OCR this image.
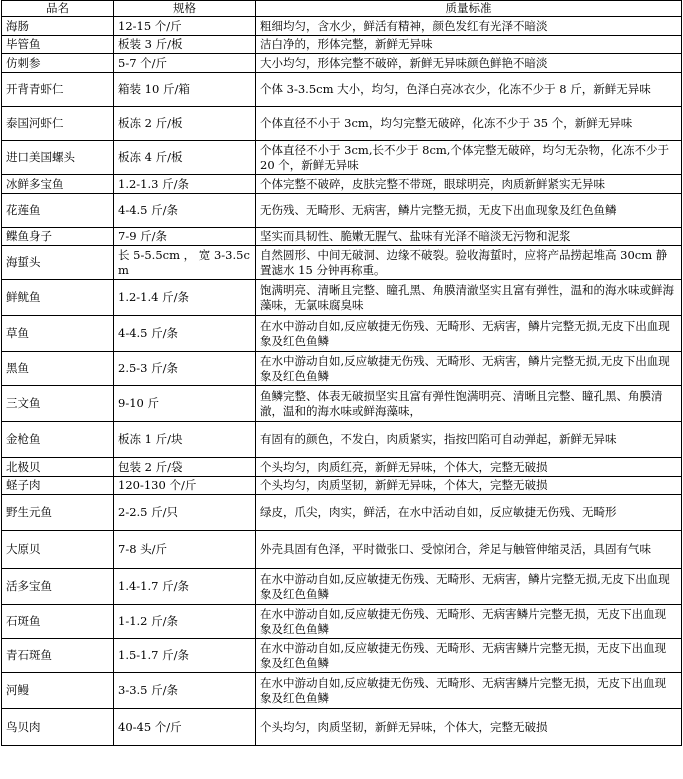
品名	规格	质量标准
海肠	12-15 个/斤	粗细均匀，含水少，鲜活有精神，颜色发红有光泽不暗淡
毕管鱼	板装 3 斤/板	洁白净的，形体完整，新鲜无异味
仿刺参	5-7 个/斤	大小均匀，形体完整不破碎，新鲜无异味颜色鲜艳不暗淡
开背青虾仁	箱装 10 斤/箱	个体 3-3.5cm 大小，均匀，色泽白亮冰衣少，化冻不少于 8 斤，新鲜无异味
泰国河虾仁	板冻 2 斤/板	个体直径不小于 3cm，均匀完整无破碎，化冻不少于 35 个，新鲜无异味
进口美国螺头	板冻 4 斤/板	个体直径不小于 3cm,长不少于 8cm,个体完整无破碎，均匀无杂物，化冻不少于 20 个，新鲜无异味
冰鲜多宝鱼	1.2-1.3 斤/条	个体完整不破碎，皮肤完整不带斑，眼球明亮，肉质新鲜紧实无异味
花莲鱼	4-4.5 斤/条	无伤残、无畸形、无病害，鳞片完整无损，无皮下出血现象及红色鱼鳞
鲽鱼身子	7-9 斤/条	坚实而具韧性、脆嫩无腥气、盐味有光泽不暗淡无污物和泥浆
海蜇头	长 5-5.5cm ， 宽 3-3.5cm	自然圆形、中间无破洞、边缘不破裂。验收海蜇时，应将产品捞起堆高 30cm 静置滤水 15 分钟再称重。
鲜鱿鱼	1.2-1.4 斤/条	饱满明亮、清晰且完整、瞳孔黑、角膜清澈坚实且富有弹性，温和的海水味或鲜海藻味，无氯味腐臭味
草鱼	4-4.5 斤/条	在水中游动自如,反应敏捷无伤残、无畸形、无病害，鳞片完整无损,无皮下出血现象及红色鱼鳞
黑鱼	2.5-3 斤/条	在水中游动自如,反应敏捷无伤残、无畸形、无病害，鳞片完整无损,无皮下出血现象及红色鱼鳞
三文鱼	9-10 斤	鱼鳞完整、体表无破损坚实且富有弹性饱满明亮、清晰且完整、瞳孔黑、角膜清澈，温和的海水味或鲜海藻味，
金枪鱼	板冻 1 斤/块	有固有的颜色，不发白，肉质紧实，指按凹陷可自动弹起，新鲜无异味
北极贝	包装 2 斤/袋	个头均匀，肉质红亮，新鲜无异味，个体大，完整无破损
蛏子肉	120-130 个/斤	个头均匀，肉质坚韧，新鲜无异味，个体大，完整无破损
野生元鱼	2-2.5 斤/只	绿皮，爪尖，肉实，鲜活，在水中活动自如，反应敏捷无伤残、无畸形
大原贝	7-8 头/斤	外壳具固有色泽，平时微张口、受惊闭合，斧足与触管伸缩灵活，具固有气味
活多宝鱼	1.4-1.7 斤/条	在水中游动自如,反应敏捷无伤残、无畸形、无病害，鳞片完整无损,无皮下出血现象及红色鱼鳞
石斑鱼	1-1.2 斤/条	在水中游动自如,反应敏捷无伤残、无畸形、无病害鳞片完整无损，无皮下出血现象及红色鱼鳞
青石斑鱼	1.5-1.7 斤/条	在水中游动自如,反应敏捷无伤残、无畸形、无病害鳞片完整无损，无皮下出血现象及红色鱼鳞
河鳗	3-3.5 斤/条	在水中游动自如,反应敏捷无伤残、无畸形、无病害鳞片完整无损，无皮下出血现象及红色鱼鳞
鸟贝肉	40-45 个/斤	个头均匀，肉质坚韧，新鲜无异味，个体大，完整无破损
